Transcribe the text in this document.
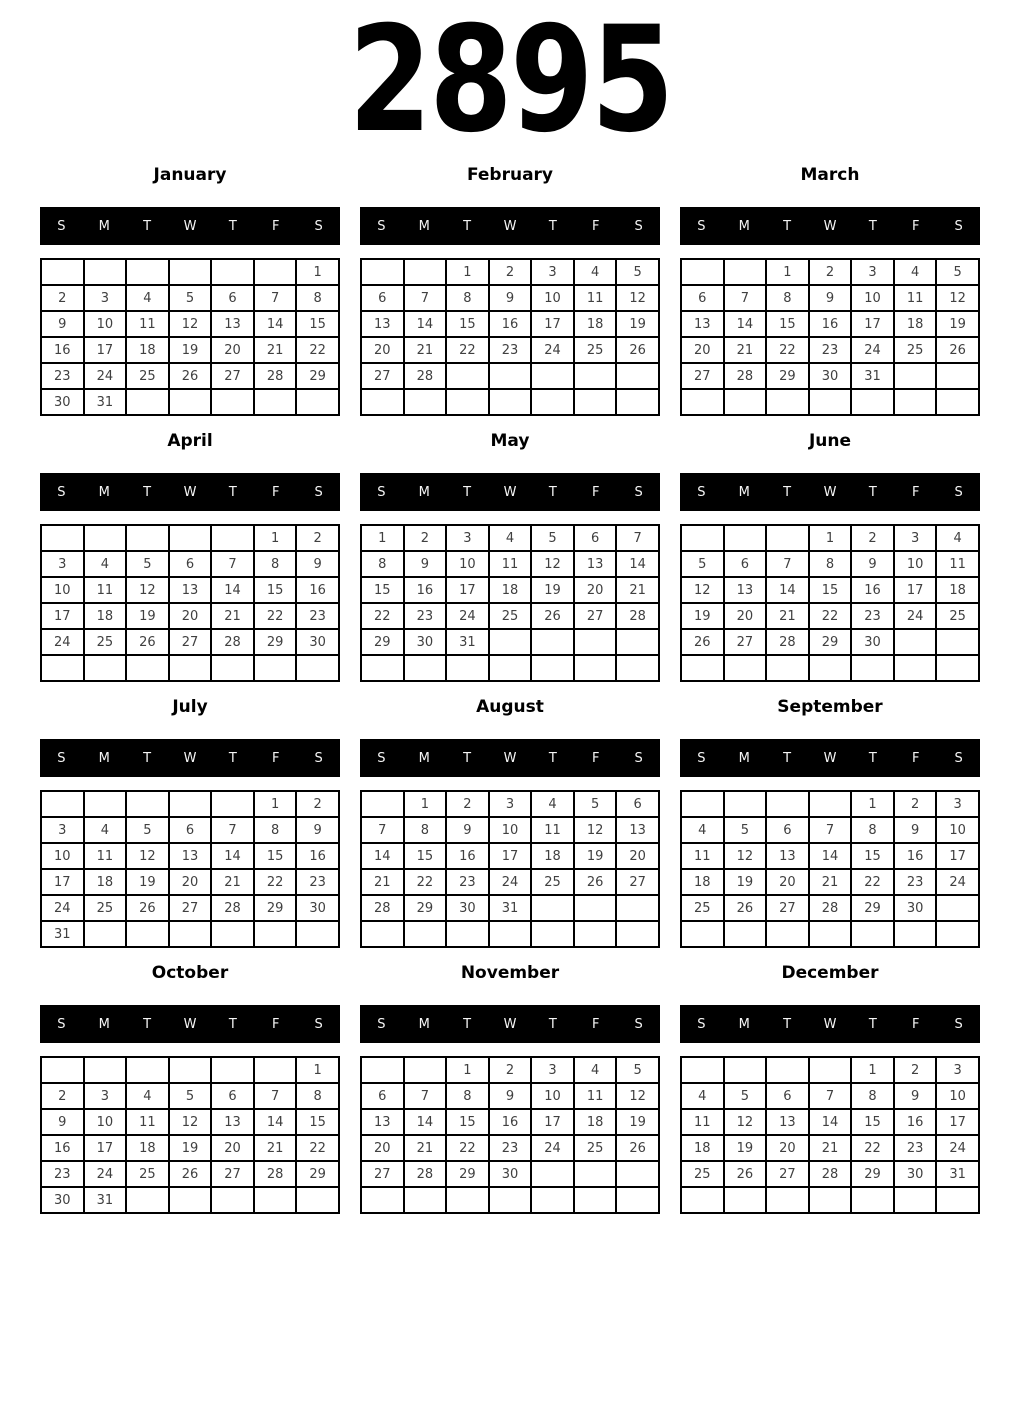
2895
January
S	M	T	W	T	F	S
						1
2	3	4	5	6	7	8
9	10	11	12	13	14	15
16	17	18	19	20	21	22
23	24	25	26	27	28	29
30	31					
February
S	M	T	W	T	F	S
		1	2	3	4	5
6	7	8	9	10	11	12
13	14	15	16	17	18	19
20	21	22	23	24	25	26
27	28					

March
S	M	T	W	T	F	S
		1	2	3	4	5
6	7	8	9	10	11	12
13	14	15	16	17	18	19
20	21	22	23	24	25	26
27	28	29	30	31		

April
S	M	T	W	T	F	S
					1	2
3	4	5	6	7	8	9
10	11	12	13	14	15	16
17	18	19	20	21	22	23
24	25	26	27	28	29	30

May
S	M	T	W	T	F	S
1	2	3	4	5	6	7
8	9	10	11	12	13	14
15	16	17	18	19	20	21
22	23	24	25	26	27	28
29	30	31				

June
S	M	T	W	T	F	S
			1	2	3	4
5	6	7	8	9	10	11
12	13	14	15	16	17	18
19	20	21	22	23	24	25
26	27	28	29	30		

July
S	M	T	W	T	F	S
					1	2
3	4	5	6	7	8	9
10	11	12	13	14	15	16
17	18	19	20	21	22	23
24	25	26	27	28	29	30
31						
August
S	M	T	W	T	F	S
	1	2	3	4	5	6
7	8	9	10	11	12	13
14	15	16	17	18	19	20
21	22	23	24	25	26	27
28	29	30	31			

September
S	M	T	W	T	F	S
				1	2	3
4	5	6	7	8	9	10
11	12	13	14	15	16	17
18	19	20	21	22	23	24
25	26	27	28	29	30	

October
S	M	T	W	T	F	S
						1
2	3	4	5	6	7	8
9	10	11	12	13	14	15
16	17	18	19	20	21	22
23	24	25	26	27	28	29
30	31					
November
S	M	T	W	T	F	S
		1	2	3	4	5
6	7	8	9	10	11	12
13	14	15	16	17	18	19
20	21	22	23	24	25	26
27	28	29	30			

December
S	M	T	W	T	F	S
				1	2	3
4	5	6	7	8	9	10
11	12	13	14	15	16	17
18	19	20	21	22	23	24
25	26	27	28	29	30	31
